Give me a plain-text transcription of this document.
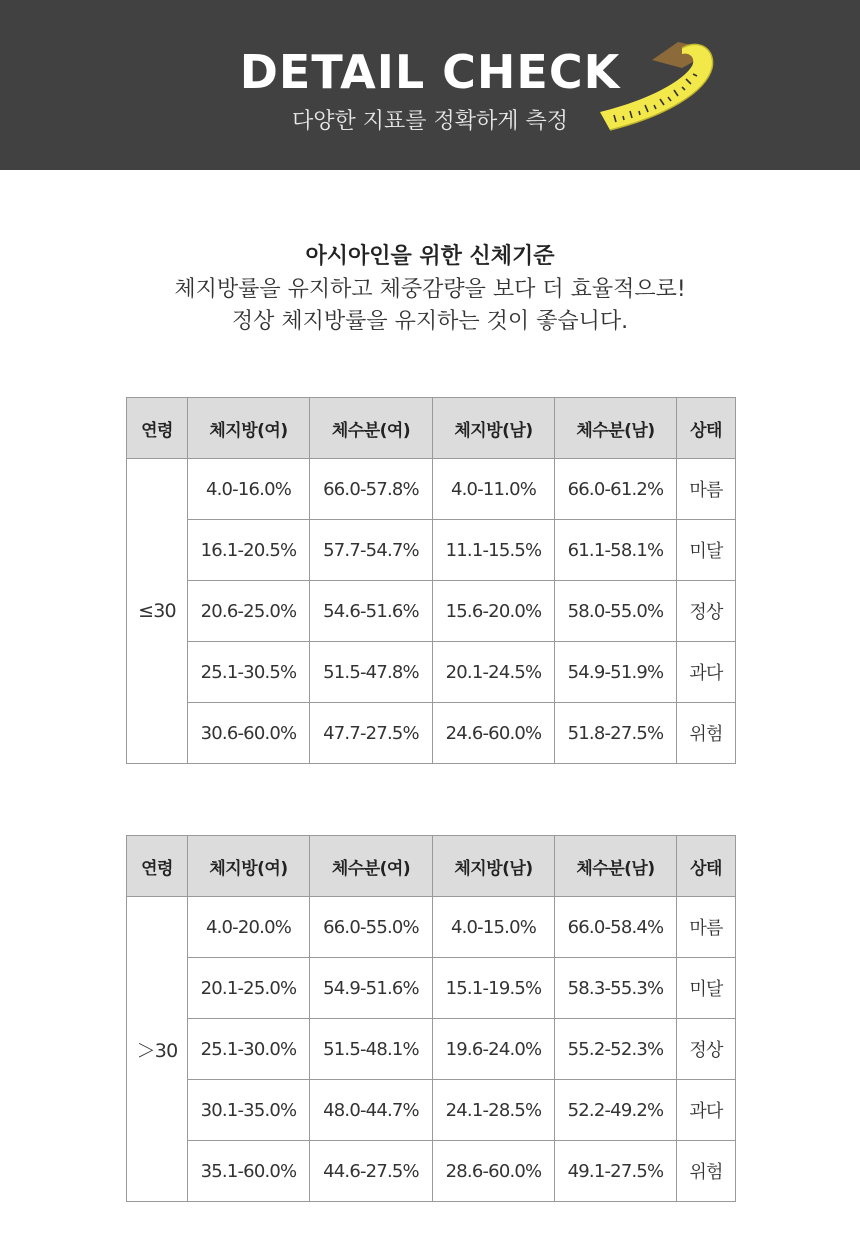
DETAIL CHECK
다양한 지표를 정확하게 측정
아시아인을 위한 신체기준
체지방률을 유지하고 체중감량을 보다 더 효율적으로!
정상 체지방률을 유지하는 것이 좋습니다.
연령	체지방(여)	체수분(여)	체지방(남)	체수분(남)	상태
≤30	4.0-16.0%	66.0-57.8%	4.0-11.0%	66.0-61.2%	마름
	16.1-20.5%	57.7-54.7%	11.1-15.5%	61.1-58.1%	미달
	20.6-25.0%	54.6-51.6%	15.6-20.0%	58.0-55.0%	정상
	25.1-30.5%	51.5-47.8%	20.1-24.5%	54.9-51.9%	과다
	30.6-60.0%	47.7-27.5%	24.6-60.0%	51.8-27.5%	위험
연령	체지방(여)	체수분(여)	체지방(남)	체수분(남)	상태
＞30	4.0-20.0%	66.0-55.0%	4.0-15.0%	66.0-58.4%	마름
	20.1-25.0%	54.9-51.6%	15.1-19.5%	58.3-55.3%	미달
	25.1-30.0%	51.5-48.1%	19.6-24.0%	55.2-52.3%	정상
	30.1-35.0%	48.0-44.7%	24.1-28.5%	52.2-49.2%	과다
	35.1-60.0%	44.6-27.5%	28.6-60.0%	49.1-27.5%	위험
